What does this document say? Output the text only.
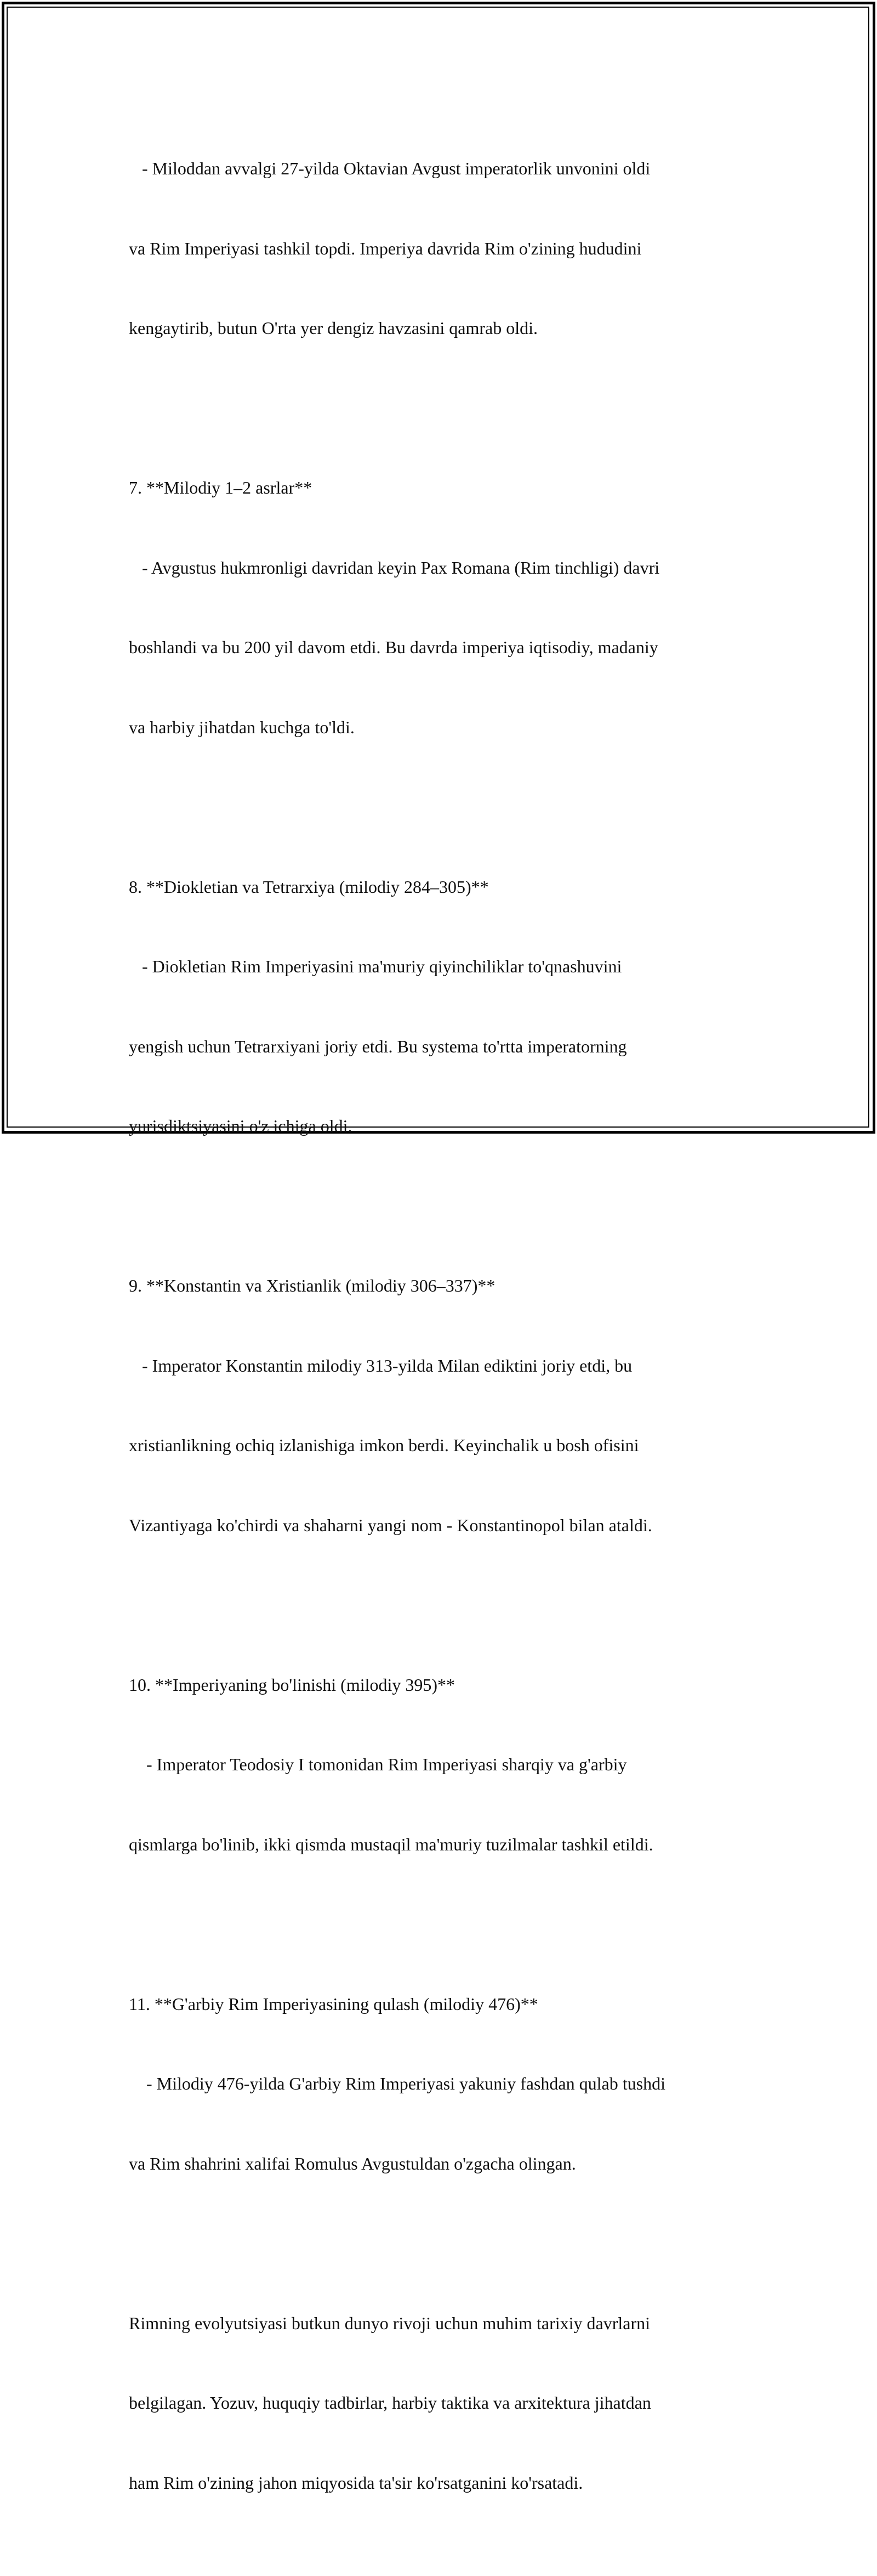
- Miloddan avvalgi 27-yilda Oktavian Avgust imperatorlik unvonini oldi

va Rim Imperiyasi tashkil topdi. Imperiya davrida Rim o'zining hududini

kengaytirib, butun O'rta yer dengiz havzasini qamrab oldi.

7. **Milodiy 1–2 asrlar**

- Avgustus hukmronligi davridan keyin Pax Romana (Rim tinchligi) davri

boshlandi va bu 200 yil davom etdi. Bu davrda imperiya iqtisodiy, madaniy

va harbiy jihatdan kuchga to'ldi.

8. **Diokletian va Tetrarxiya (milodiy 284–305)**

- Diokletian Rim Imperiyasini ma'muriy qiyinchiliklar to'qnashuvini

yengish uchun Tetrarxiyani joriy etdi. Bu systema to'rtta imperatorning

yurisdiktsiyasini o'z ichiga oldi.

9. **Konstantin va Xristianlik (milodiy 306–337)**

- Imperator Konstantin milodiy 313-yilda Milan ediktini joriy etdi, bu

xristianlikning ochiq izlanishiga imkon berdi. Keyinchalik u bosh ofisini

Vizantiyaga ko'chirdi va shaharni yangi nom - Konstantinopol bilan ataldi.

10. **Imperiyaning bo'linishi (milodiy 395)**

- Imperator Teodosiy I tomonidan Rim Imperiyasi sharqiy va g'arbiy

qismlarga bo'linib, ikki qismda mustaqil ma'muriy tuzilmalar tashkil etildi.

11. **G'arbiy Rim Imperiyasining qulash (milodiy 476)**

- Milodiy 476-yilda G'arbiy Rim Imperiyasi yakuniy fashdan qulab tushdi

va Rim shahrini xalifai Romulus Avgustuldan o'zgacha olingan.

Rimning evolyutsiyasi butkun dunyo rivoji uchun muhim tarixiy davrlarni

belgilagan. Yozuv, huquqiy tadbirlar, harbiy taktika va arxitektura jihatdan

ham Rim o'zining jahon miqyosida ta'sir ko'rsatganini ko'rsatadi.
